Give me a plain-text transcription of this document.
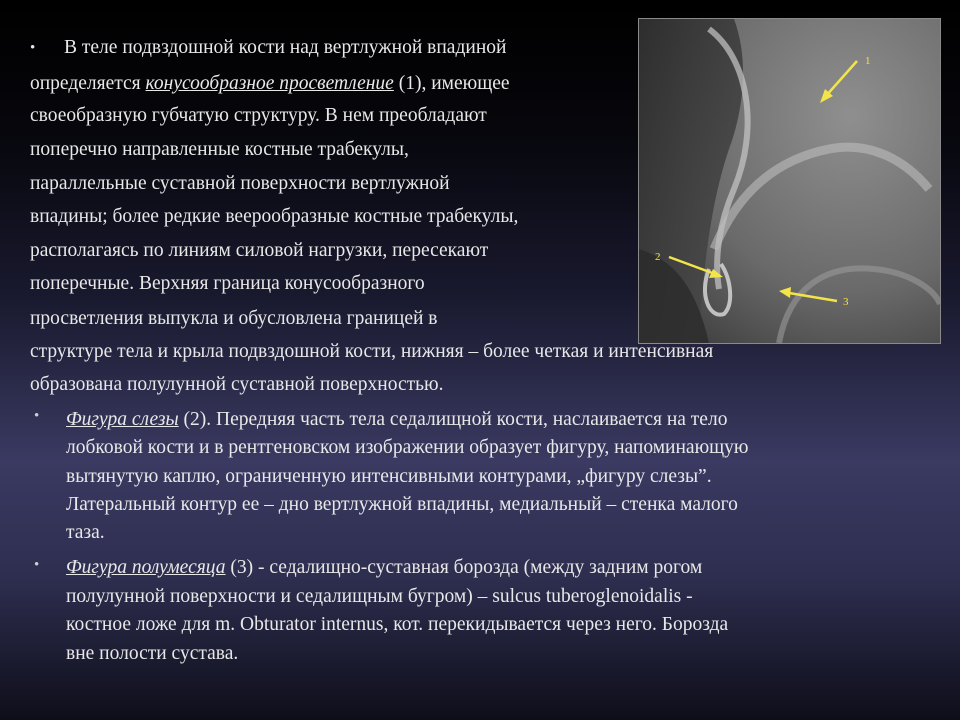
1
2
3
• В теле подвздошной кости над вертлужной впадиной
определяется конусообразное просветление (1), имеющее
своеобразную губчатую структуру. В нем преобладают
поперечно направленные костные трабекулы,
параллельные суставной поверхности вертлужной
впадины; более редкие веерообразные костные трабекулы,
располагаясь по линиям силовой нагрузки, пересекают
поперечные. Верхняя граница конусообразного
просветления выпукла и обусловлена границей в
структуре тела и крыла подвздошной кости, нижняя – более четкая и интенсивная
образована полулунной суставной поверхностью.
• Фигура слезы (2). Передняя часть тела седалищной кости, наслаивается на тело
лобковой кости и в рентгеновском изображении образует фигуру, напоминающую
вытянутую каплю, ограниченную интенсивными контурами, „фигуру слезы”.
Латеральный контур ее – дно вертлужной впадины, медиальный – стенка малого
таза.
• Фигура полумесяца (3) - седалищно-суставная борозда (между задним рогом
полулунной поверхности и седалищным бугром) – sulcus tuberoglenoidalis -
костное ложе для m. Obturator internus, кот. перекидывается через него. Борозда
вне полости сустава.
